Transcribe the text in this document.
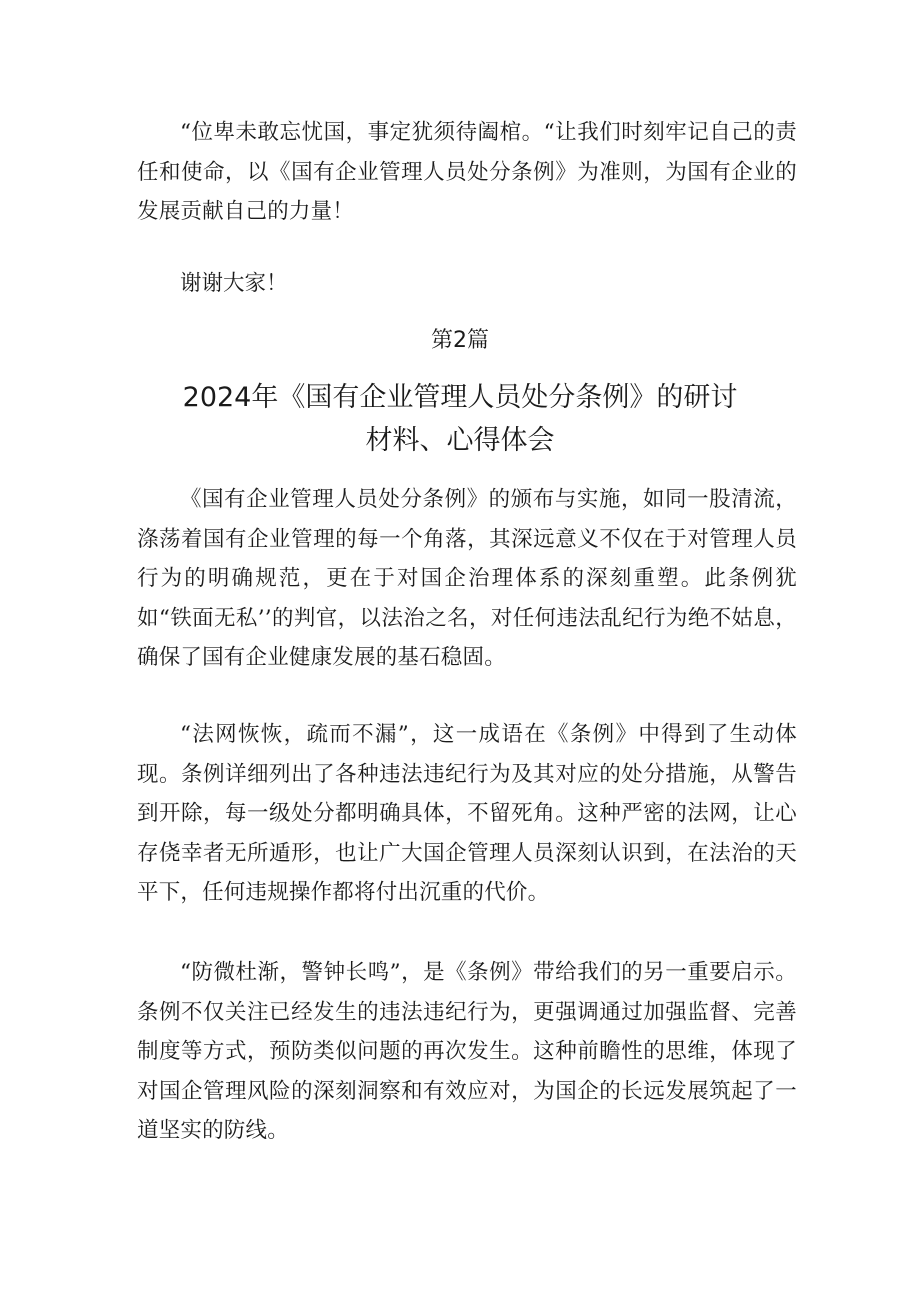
“位卑未敢忘忧国，事定犹须待阖棺。“让我们时刻牢记自己的责任和使命，以《国有企业管理人员处分条例》为准则，为国有企业的发展贡献自己的力量！

谢谢大家！

第2篇

2024年《国有企业管理人员处分条例》的研讨
材料、心得体会

《国有企业管理人员处分条例》的颁布与实施，如同一股清流，涤荡着国有企业管理的每一个角落，其深远意义不仅在于对管理人员行为的明确规范，更在于对国企治理体系的深刻重塑。此条例犹如“铁面无私’’的判官，以法治之名，对任何违法乱纪行为绝不姑息，确保了国有企业健康发展的基石稳固。

“法网恢恢，疏而不漏”，这一成语在《条例》中得到了生动体现。条例详细列出了各种违法违纪行为及其对应的处分措施，从警告到开除，每一级处分都明确具体，不留死角。这种严密的法网，让心存侥幸者无所遁形，也让广大国企管理人员深刻认识到，在法治的天平下，任何违规操作都将付出沉重的代价。

“防微杜渐，警钟长鸣”，是《条例》带给我们的另一重要启示。条例不仅关注已经发生的违法违纪行为，更强调通过加强监督、完善制度等方式，预防类似问题的再次发生。这种前瞻性的思维，体现了对国企管理风险的深刻洞察和有效应对，为国企的长远发展筑起了一道坚实的防线。
